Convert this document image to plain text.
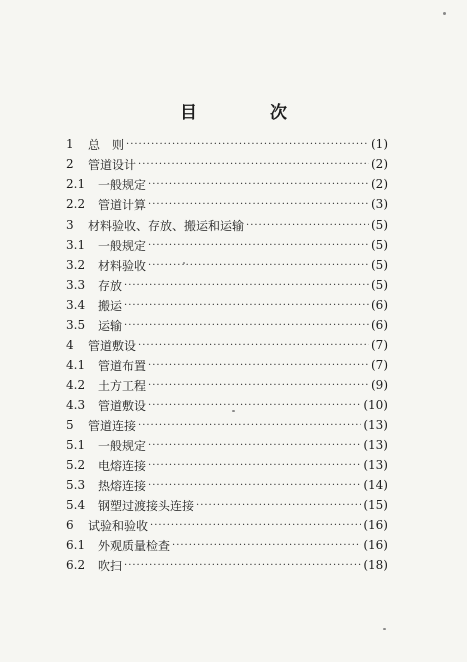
目　次
1	总　则 ·····	(1)
2	管道设计 ·····	(2)
2.1	一般规定 ·····	(2)
2.2	管道计算 ·····	(3)
3	材料验收、存放、搬运和运输 ·····	(5)
3.1	一般规定 ·····	(5)
3.2	材料验收 ·····	(5)
3.3	存放 ·····	(5)
3.4	搬运 ·····	(6)
3.5	运输 ·····	(6)
4	管道敷设 ·····	(7)
4.1	管道布置 ·····	(7)
4.2	土方工程 ·····	(9)
4.3	管道敷设 ·····	(10)
5	管道连接 ·····	(13)
5.1	一般规定 ·····	(13)
5.2	电熔连接 ·····	(13)
5.3	热熔连接 ·····	(14)
5.4	钢塑过渡接头连接 ·····	(15)
6	试验和验收 ·····	(16)
6.1	外观质量检查 ·····	(16)
6.2	吹扫 ·····	(18)
